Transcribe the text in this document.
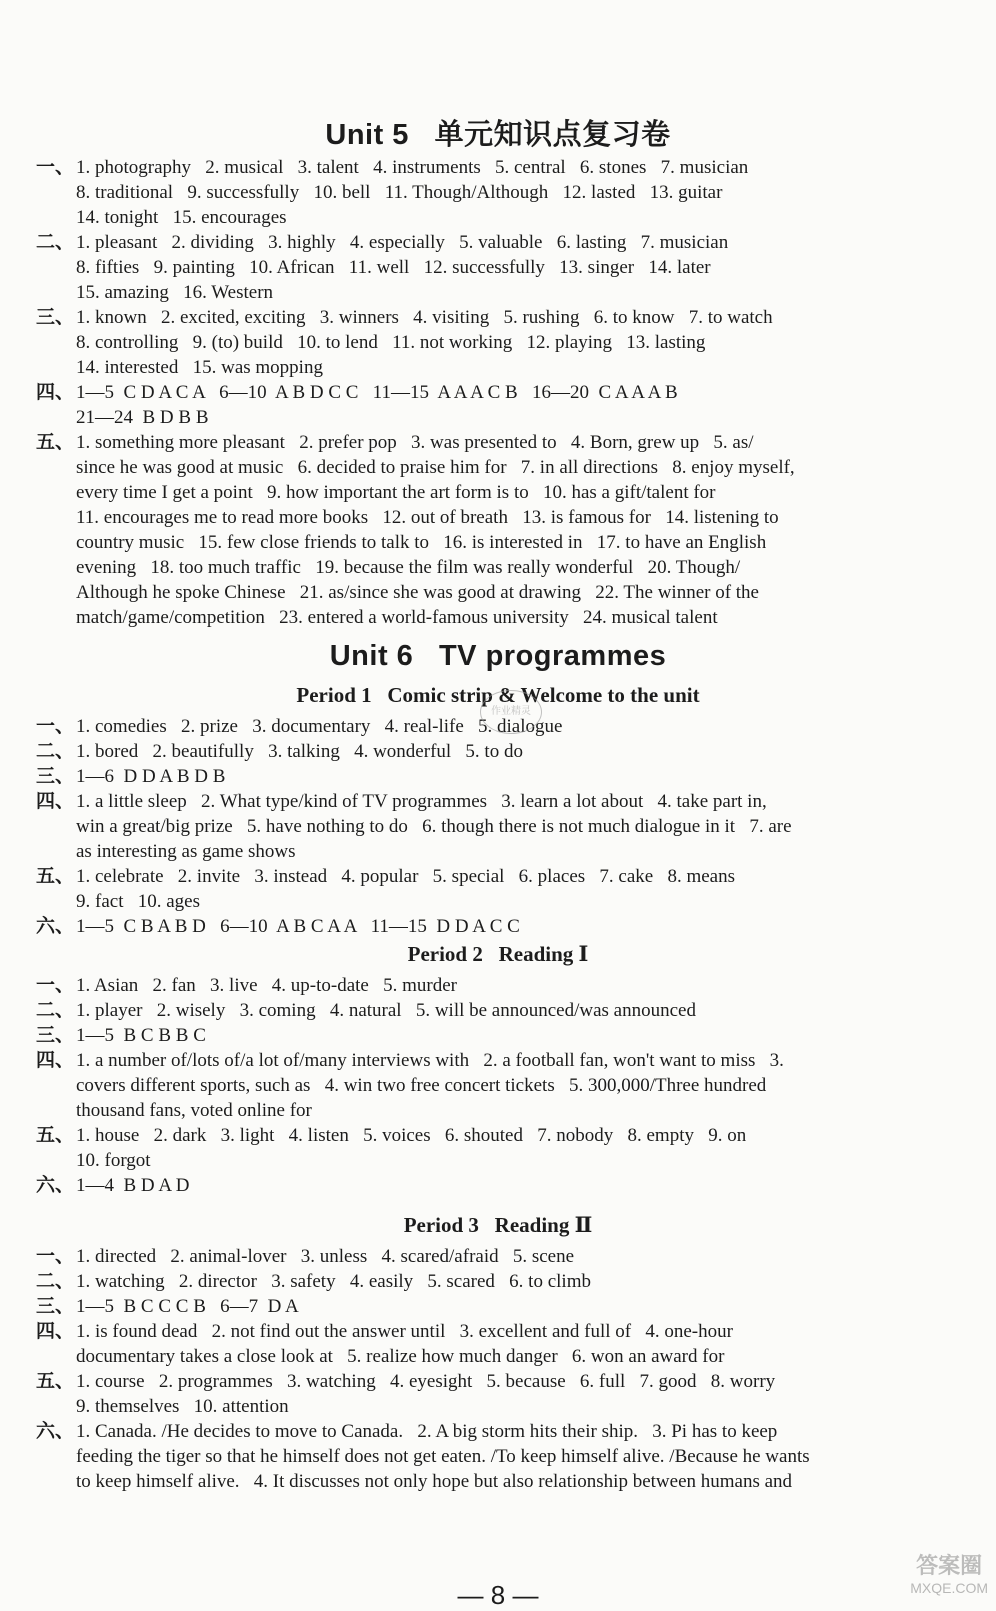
Unit 5   单元知识点复习卷
一、 1. photography   2. musical   3. talent   4. instruments   5. central   6. stones   7. musician
8. traditional   9. successfully   10. bell   11. Though/Although   12. lasted   13. guitar
14. tonight   15. encourages
二、 1. pleasant   2. dividing   3. highly   4. especially   5. valuable   6. lasting   7. musician
8. fifties   9. painting   10. African   11. well   12. successfully   13. singer   14. later
15. amazing   16. Western
三、 1. known   2. excited, exciting   3. winners   4. visiting   5. rushing   6. to know   7. to watch
8. controlling   9. (to) build   10. to lend   11. not working   12. playing   13. lasting
14. interested   15. was mopping
四、 1—5  C D A C A   6—10  A B D C C   11—15  A A A C B   16—20  C A A A B
21—24  B D B B
五、 1. something more pleasant   2. prefer pop   3. was presented to   4. Born, grew up   5. as/
since he was good at music   6. decided to praise him for   7. in all directions   8. enjoy myself,
every time I get a point   9. how important the art form is to   10. has a gift/talent for
11. encourages me to read more books   12. out of breath   13. is famous for   14. listening to
country music   15. few close friends to talk to   16. is interested in   17. to have an English
evening   18. too much traffic   19. because the film was really wonderful   20. Though/
Although he spoke Chinese   21. as/since she was good at drawing   22. The winner of the
match/game/competition   23. entered a world-famous university   24. musical talent
Unit 6   TV programmes
Period 1   Comic strip & Welcome to the unit
一、 1. comedies   2. prize   3. documentary   4. real-life   5. dialogue
二、 1. bored   2. beautifully   3. talking   4. wonderful   5. to do
三、 1—6  D D A B D B
四、 1. a little sleep   2. What type/kind of TV programmes   3. learn a lot about   4. take part in,
win a great/big prize   5. have nothing to do   6. though there is not much dialogue in it   7. are
as interesting as game shows
五、 1. celebrate   2. invite   3. instead   4. popular   5. special   6. places   7. cake   8. means
9. fact   10. ages
六、 1—5  C B A B D   6—10  A B C A A   11—15  D D A C C
Period 2   Reading Ⅰ
一、 1. Asian   2. fan   3. live   4. up-to-date   5. murder
二、 1. player   2. wisely   3. coming   4. natural   5. will be announced/was announced
三、 1—5  B C B B C
四、 1. a number of/lots of/a lot of/many interviews with   2. a football fan, won't want to miss   3.
covers different sports, such as   4. win two free concert tickets   5. 300,000/Three hundred
thousand fans, voted online for
五、 1. house   2. dark   3. light   4. listen   5. voices   6. shouted   7. nobody   8. empty   9. on
10. forgot
六、 1—4  B D A D
Period 3   Reading Ⅱ
一、 1. directed   2. animal-lover   3. unless   4. scared/afraid   5. scene
二、 1. watching   2. director   3. safety   4. easily   5. scared   6. to climb
三、 1—5  B C C C B   6—7  D A
四、 1. is found dead   2. not find out the answer until   3. excellent and full of   4. one-hour
documentary takes a close look at   5. realize how much danger   6. won an award for
五、 1. course   2. programmes   3. watching   4. eyesight   5. because   6. full   7. good   8. worry
9. themselves   10. attention
六、 1. Canada. /He decides to move to Canada.   2. A big storm hits their ship.   3. Pi has to keep
feeding the tiger so that he himself does not get eaten. /To keep himself alive. /Because he wants
to keep himself alive.   4. It discusses not only hope but also relationship between humans and
— 8 —
作业精灵
答案圈
MXQE.COM
